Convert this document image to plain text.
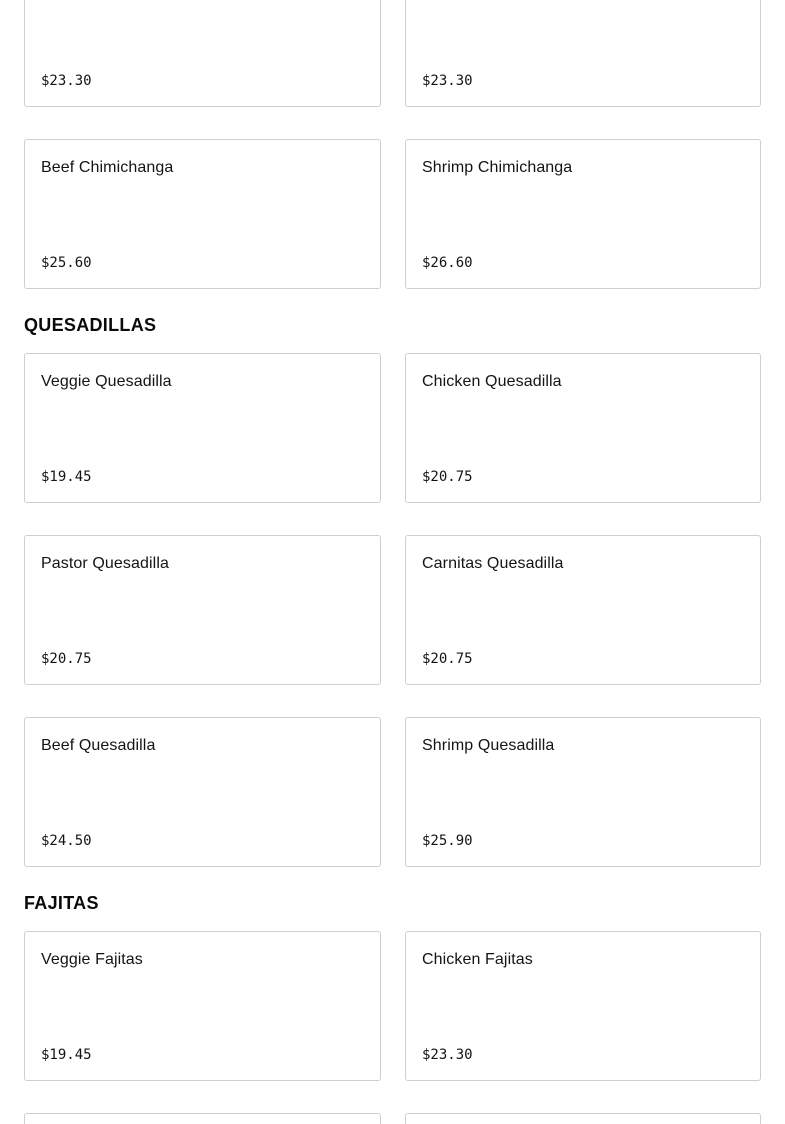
$23.30	$23.30
Beef Chimichanga
$25.60
Shrimp Chimichanga
$26.60
QUESADILLAS
Veggie Quesadilla
$19.45
Chicken Quesadilla
$20.75
Pastor Quesadilla
$20.75
Carnitas Quesadilla
$20.75
Beef Quesadilla
$24.50
Shrimp Quesadilla
$25.90
FAJITAS
Veggie Fajitas
$19.45
Chicken Fajitas
$23.30
